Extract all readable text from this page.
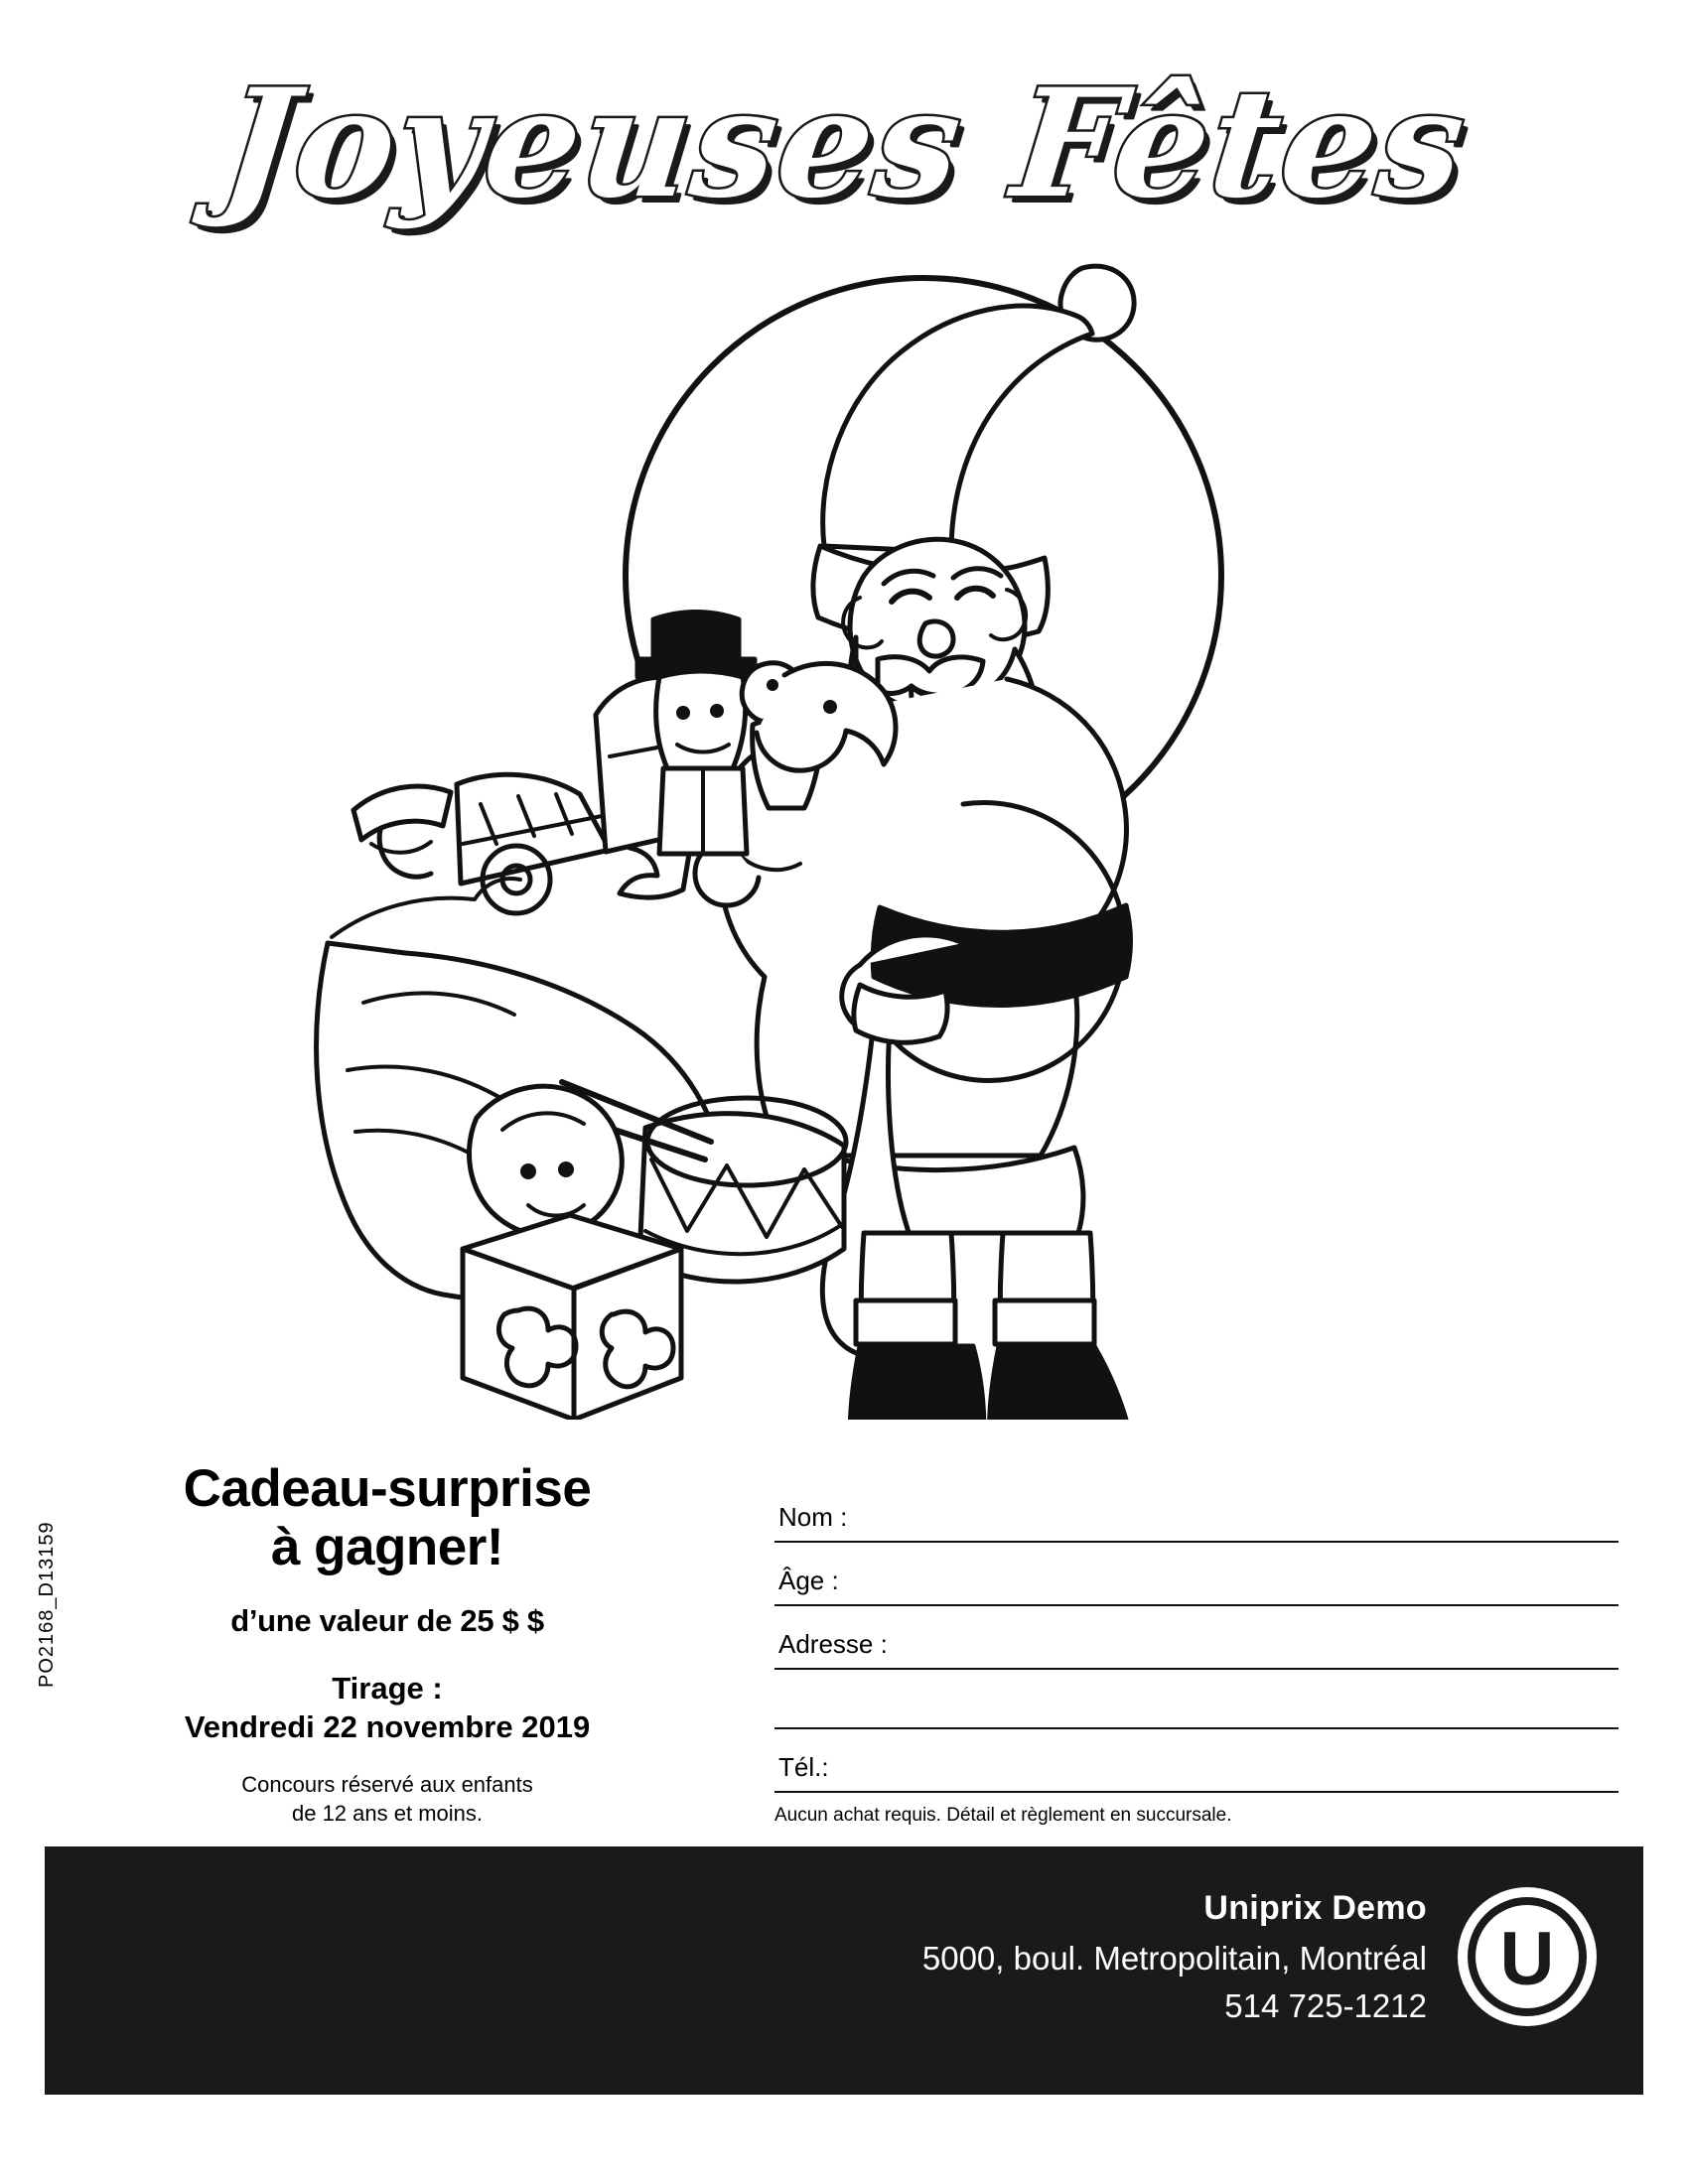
Joyeuses Fêtes
PO2168_D13159
Cadeau-surprise
à gagner!
d’une valeur de 25 $ $
Tirage :
Vendredi 22 novembre 2019
Concours réservé aux enfants
de 12 ans et moins.
Nom :
Âge :
Adresse :
Tél.:
Aucun achat requis. Détail et règlement en succursale.
Uniprix Demo
5000, boul. Metropolitain, Montréal
514 725-1212
U
